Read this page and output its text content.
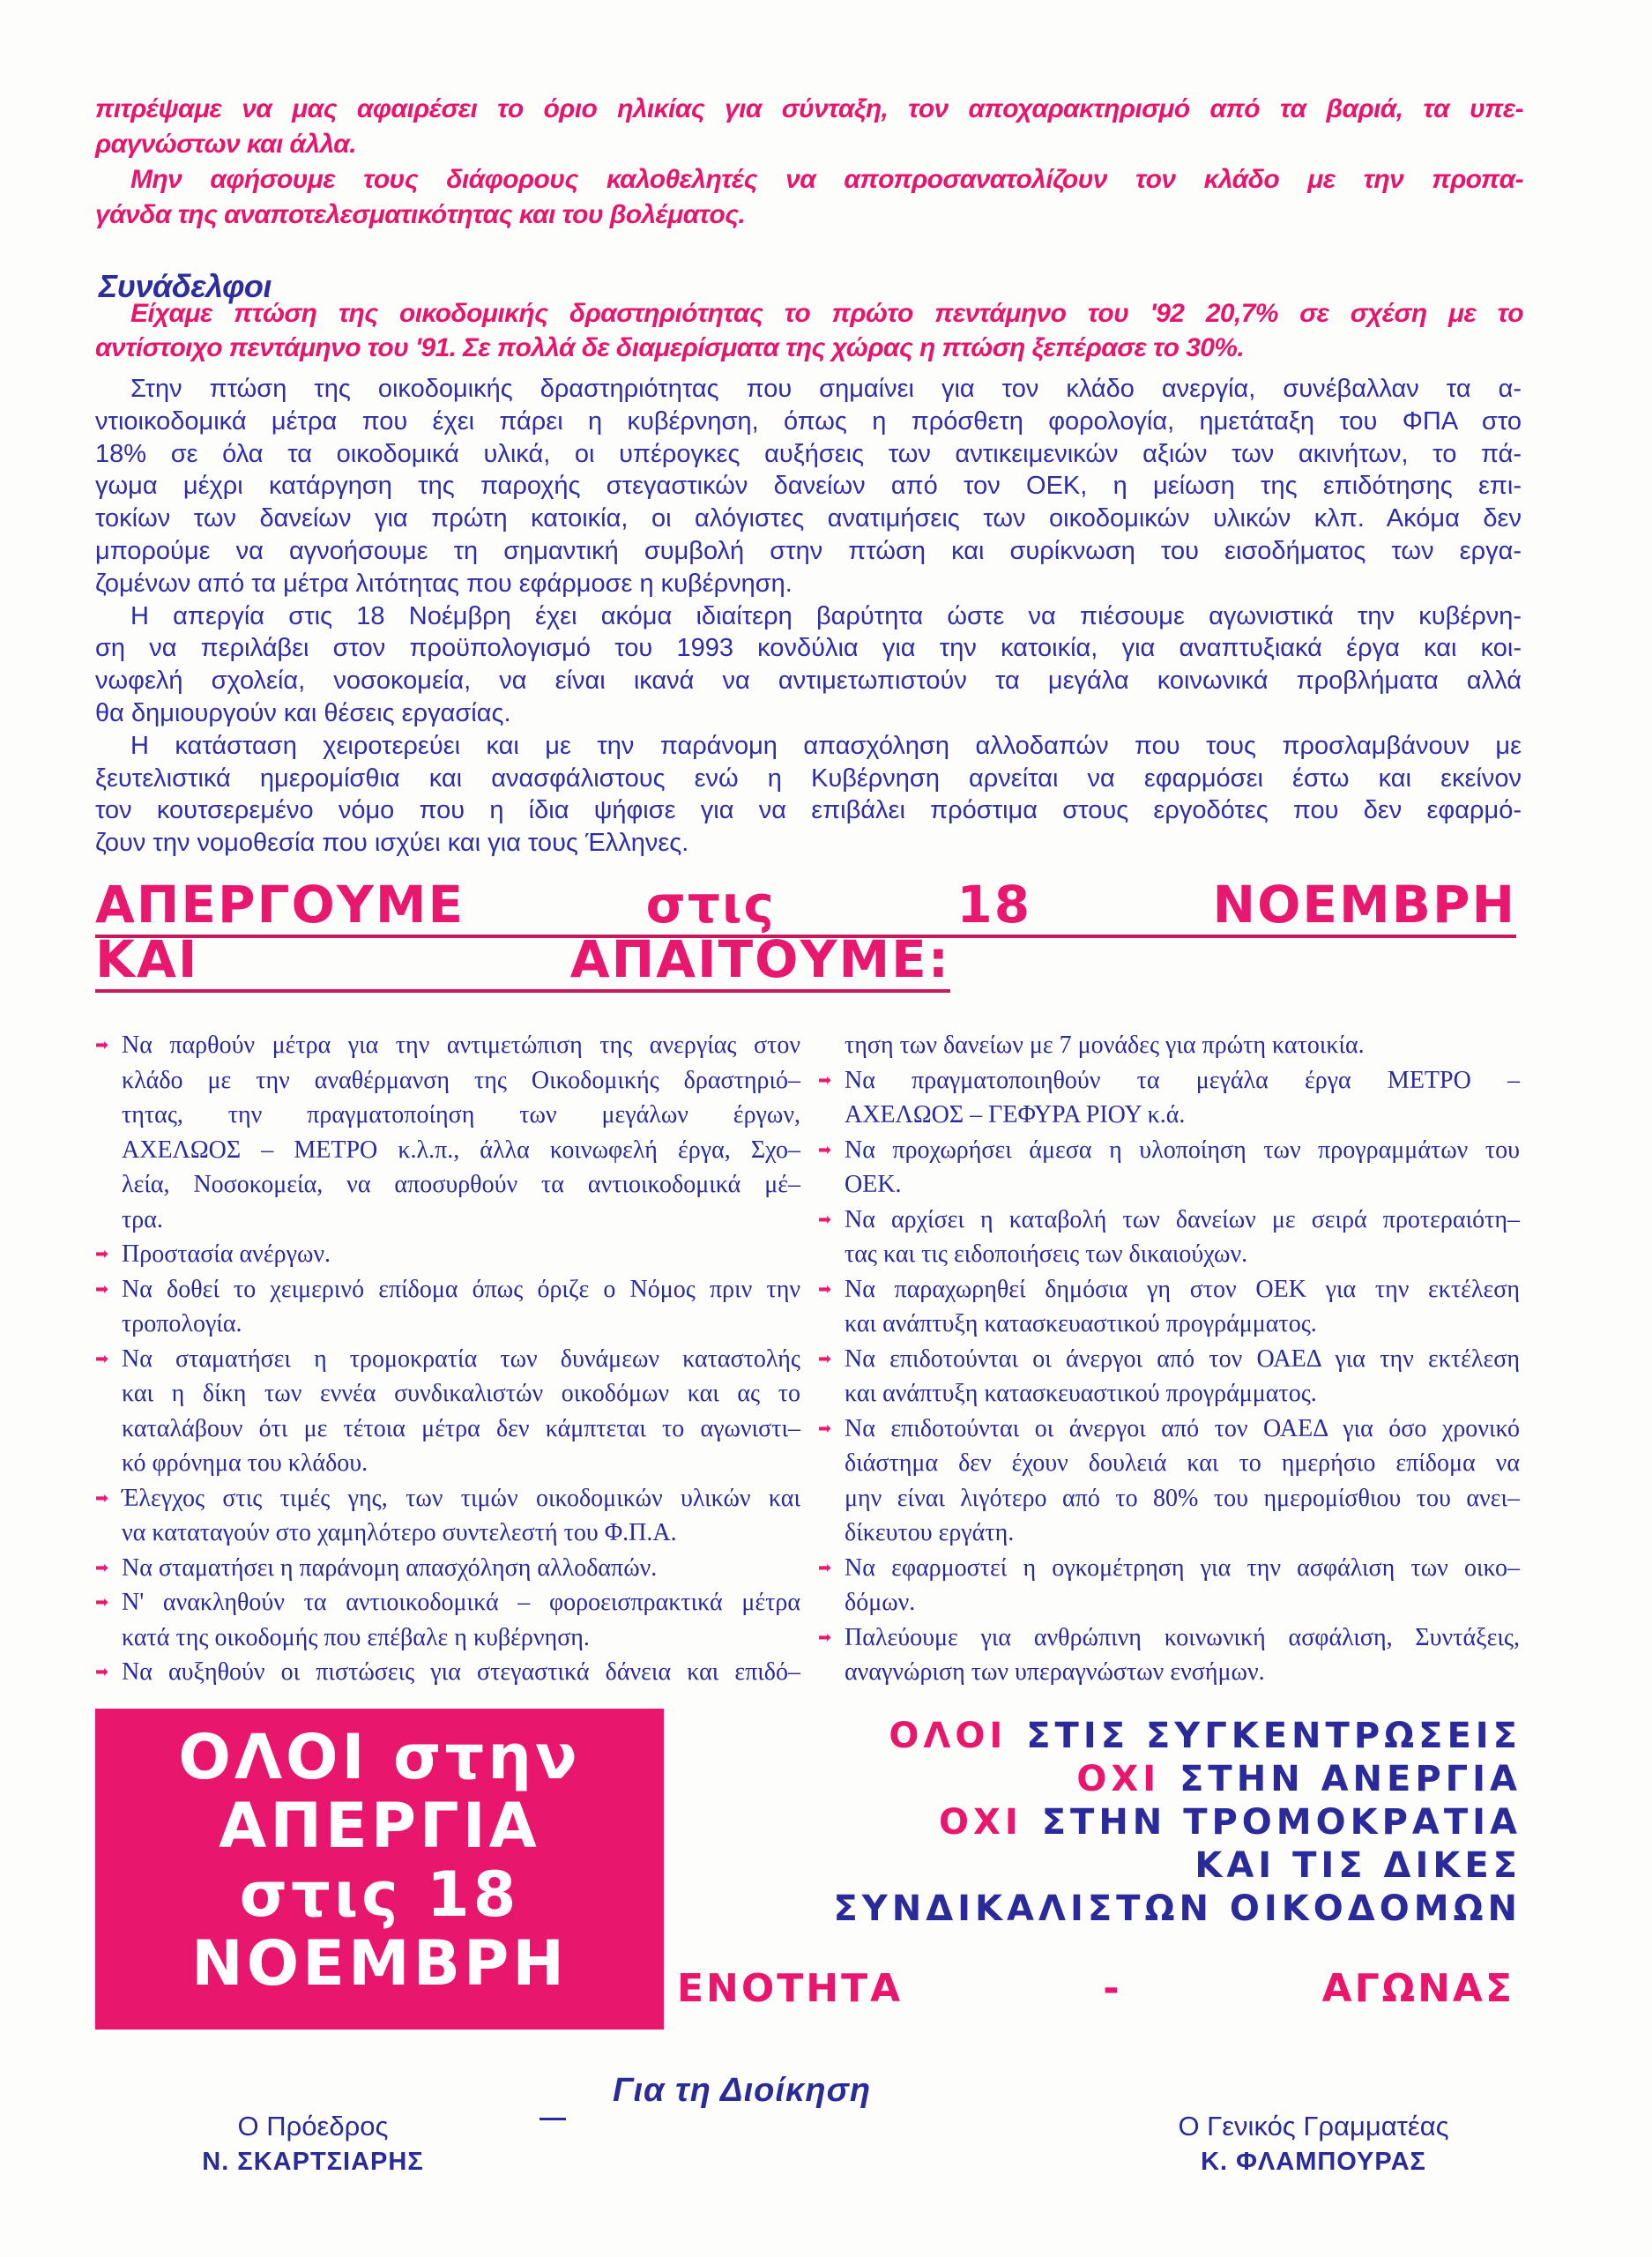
πιτρέψαμε να μας αφαιρέσει το όριο ηλικίας για σύνταξη, τον αποχαρακτηρισμό από τα βαριά, τα υπε-
ραγνώστων και άλλα.
Μην αφήσουμε τους διάφορους καλοθελητές να αποπροσανατολίζουν τον κλάδο με την προπα-
γάνδα της αναποτελεσματικότητας και του βολέματος.
Συνάδελφοι
Είχαμε πτώση της οικοδομικής δραστηριότητας το πρώτο πεντάμηνο του '92 20,7% σε σχέση με το
αντίστοιχο πεντάμηνο του '91. Σε πολλά δε διαμερίσματα της χώρας η πτώση ξεπέρασε το 30%.
Στην πτώση της οικοδομικής δραστηριότητας που σημαίνει για τον κλάδο ανεργία, συνέβαλλαν τα α-
ντιοικοδομικά μέτρα που έχει πάρει η κυβέρνηση, όπως η πρόσθετη φορολογία, ημετάταξη του ΦΠΑ στο
18% σε όλα τα οικοδομικά υλικά, οι υπέρογκες αυξήσεις των αντικειμενικών αξιών των ακινήτων, το πά-
γωμα μέχρι κατάργηση της παροχής στεγαστικών δανείων από τον ΟΕΚ, η μείωση της επιδότησης επι-
τοκίων των δανείων για πρώτη κατοικία, οι αλόγιστες ανατιμήσεις των οικοδομικών υλικών κλπ. Ακόμα δεν
μπορούμε να αγνοήσουμε τη σημαντική συμβολή στην πτώση και συρίκνωση του εισοδήματος των εργα-
ζομένων από τα μέτρα λιτότητας που εφάρμοσε η κυβέρνηση.
Η απεργία στις 18 Νοέμβρη έχει ακόμα ιδιαίτερη βαρύτητα ώστε να πιέσουμε αγωνιστικά την κυβέρνη-
ση να περιλάβει στον προϋπολογισμό του 1993 κονδύλια για την κατοικία, για αναπτυξιακά έργα και κοι-
νωφελή σχολεία, νοσοκομεία, να είναι ικανά να αντιμετωπιστούν τα μεγάλα κοινωνικά προβλήματα αλλά
θα δημιουργούν και θέσεις εργασίας.
Η κατάσταση χειροτερεύει και με την παράνομη απασχόληση αλλοδαπών που τους προσλαμβάνουν με
ξευτελιστικά ημερομίσθια και ανασφάλιστους ενώ η Κυβέρνηση αρνείται να εφαρμόσει έστω και εκείνον
τον κουτσερεμένο νόμο που η ίδια ψήφισε για να επιβάλει πρόστιμα στους εργοδότες που δεν εφαρμό-
ζουν την νομοθεσία που ισχύει και για τους Έλληνες.
ΑΠΕΡΓΟΥΜΕ στις 18 ΝΟΕΜΒΡΗ
ΚΑΙ ΑΠΑΙΤΟΥΜΕ:
➡ Να παρθούν μέτρα για την αντιμετώπιση της ανεργίας στον
κλάδο με την αναθέρμανση της Οικοδομικής δραστηριό–
τητας, την πραγματοποίηση των μεγάλων έργων,
ΑΧΕΛΩΟΣ – ΜΕΤΡΟ κ.λ.π., άλλα κοινωφελή έργα, Σχο–
λεία, Νοσοκομεία, να αποσυρθούν τα αντιοικοδομικά μέ–
τρα.
➡ Προστασία ανέργων.
➡ Να δοθεί το χειμερινό επίδομα όπως όριζε ο Νόμος πριν την
τροπολογία.
➡ Να σταματήσει η τρομοκρατία των δυνάμεων καταστολής
και η δίκη των εννέα συνδικαλιστών οικοδόμων και ας το
καταλάβουν ότι με τέτοια μέτρα δεν κάμπτεται το αγωνιστι–
κό φρόνημα του κλάδου.
➡ Έλεγχος στις τιμές γης, των τιμών οικοδομικών υλικών και
να καταταγούν στο χαμηλότερο συντελεστή του Φ.Π.Α.
➡ Να σταματήσει η παράνομη απασχόληση αλλοδαπών.
➡ Ν' ανακληθούν τα αντιοικοδομικά – φοροεισπρακτικά μέτρα
κατά της οικοδομής που επέβαλε η κυβέρνηση.
➡ Να αυξηθούν οι πιστώσεις για στεγαστικά δάνεια και επιδό–
τηση των δανείων με 7 μονάδες για πρώτη κατοικία.
➡ Να πραγματοποιηθούν τα μεγάλα έργα ΜΕΤΡΟ –
ΑΧΕΛΩΟΣ – ΓΕΦΥΡΑ ΡΙΟΥ κ.ά.
➡ Να προχωρήσει άμεσα η υλοποίηση των προγραμμάτων του
ΟΕΚ.
➡ Να αρχίσει η καταβολή των δανείων με σειρά προτεραιότη–
τας και τις ειδοποιήσεις των δικαιούχων.
➡ Να παραχωρηθεί δημόσια γη στον ΟΕΚ για την εκτέλεση
και ανάπτυξη κατασκευαστικού προγράμματος.
➡ Να επιδοτούνται οι άνεργοι από τον ΟΑΕΔ για την εκτέλεση
και ανάπτυξη κατασκευαστικού προγράμματος.
➡ Να επιδοτούνται οι άνεργοι από τον ΟΑΕΔ για όσο χρονικό
διάστημα δεν έχουν δουλειά και το ημερήσιο επίδομα να
μην είναι λιγότερο από το 80% του ημερομίσθιου του ανει–
δίκευτου εργάτη.
➡ Να εφαρμοστεί η ογκομέτρηση για την ασφάλιση των οικο–
δόμων.
➡ Παλεύουμε για ανθρώπινη κοινωνική ασφάλιση, Συντάξεις,
αναγνώριση των υπεραγνώστων ενσήμων.
ΟΛΟΙ στην
ΑΠΕΡΓΙΑ
στις 18
ΝΟΕΜΒΡΗ
ΟΛΟΙ ΣΤΙΣ ΣΥΓΚΕΝΤΡΩΣΕΙΣ
ΟΧΙ ΣΤΗΝ ΑΝΕΡΓΙΑ
ΟΧΙ ΣΤΗΝ ΤΡΟΜΟΚΡΑΤΙΑ
ΚΑΙ ΤΙΣ ΔΙΚΕΣ
ΣΥΝΔΙΚΑΛΙΣΤΩΝ ΟΙΚΟΔΟΜΩΝ
ΕΝΟΤΗΤΑ - ΑΓΩΝΑΣ
Για τη Διοίκηση
Ο Πρόεδρος
Ν. ΣΚΑΡΤΣΙΑΡΗΣ
Ο Γενικός Γραμματέας
Κ. ΦΛΑΜΠΟΥΡΑΣ
